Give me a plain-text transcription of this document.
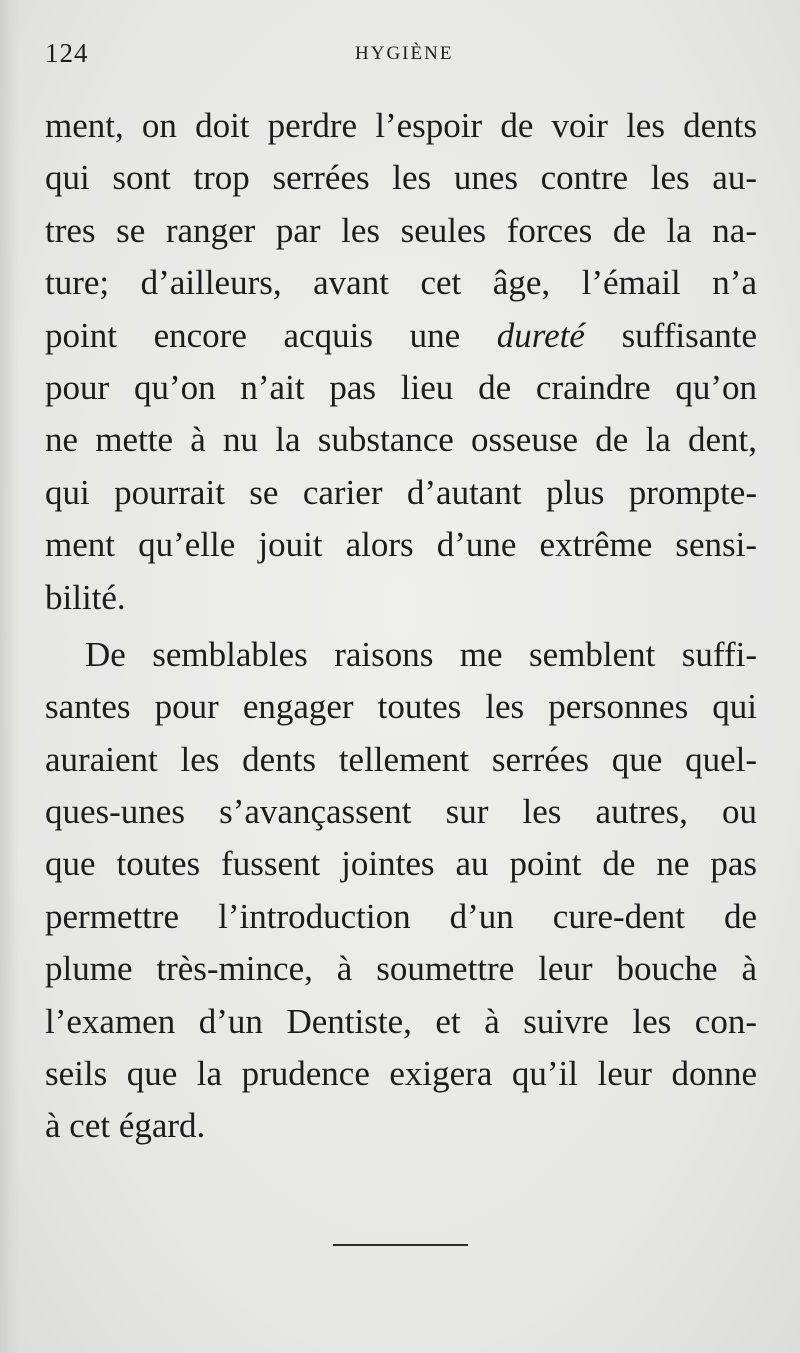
124	HYGIÈNE
ment, on doit perdre l’espoir de voir les dents
qui sont trop serrées les unes contre les au-
tres se ranger par les seules forces de la na-
ture; d’ailleurs, avant cet âge, l’émail n’a
point encore acquis une dureté suffisante
pour qu’on n’ait pas lieu de craindre qu’on
ne mette à nu la substance osseuse de la dent,
qui pourrait se carier d’autant plus prompte-
ment qu’elle jouit alors d’une extrême sensi-
bilité.
De semblables raisons me semblent suffi-
santes pour engager toutes les personnes qui
auraient les dents tellement serrées que quel-
ques-unes s’avançassent sur les autres, ou
que toutes fussent jointes au point de ne pas
permettre l’introduction d’un cure-dent de
plume très-mince, à soumettre leur bouche à
l’examen d’un Dentiste, et à suivre les con-
seils que la prudence exigera qu’il leur donne
à cet égard.
